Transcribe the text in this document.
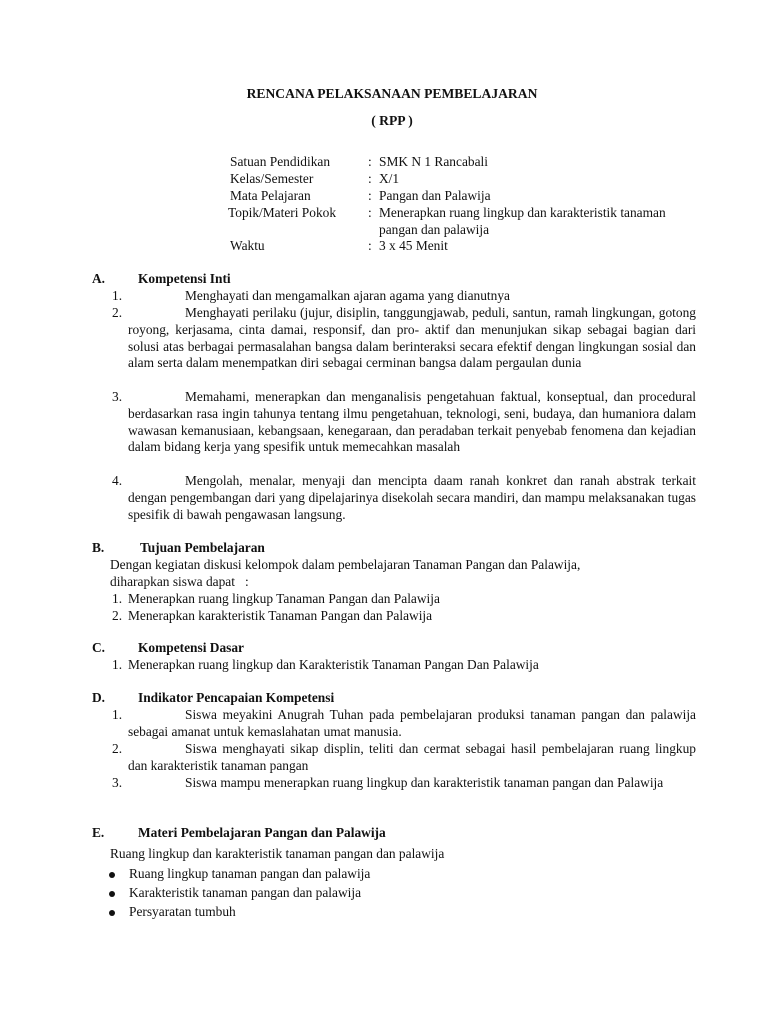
RENCANA PELAKSANAAN PEMBELAJARAN
( RPP )
Satuan Pendidikan	: SMK N 1 Rancabali
Kelas/Semester	: X/1
Mata Pelajaran	: Pangan dan Palawija
Topik/Materi Pokok : Menerapkan ruang lingkup dan karakteristik tanaman pangan dan palawija
Waktu	: 3 x 45 Menit
A. Kompetensi Inti
1.	Menghayati dan mengamalkan ajaran agama yang dianutnya
2.	Menghayati perilaku (jujur, disiplin, tanggungjawab, peduli, santun, ramah lingkungan, gotong royong, kerjasama, cinta damai, responsif, dan pro- aktif dan menunjukan sikap sebagai bagian dari solusi atas berbagai permasalahan bangsa dalam berinteraksi secara efektif dengan lingkungan sosial dan alam serta dalam menempatkan diri sebagai cerminan bangsa dalam pergaulan dunia
3.	Memahami, menerapkan dan menganalisis pengetahuan faktual, konseptual, dan procedural berdasarkan rasa ingin tahunya tentang ilmu pengetahuan, teknologi, seni, budaya, dan humaniora dalam wawasan kemanusiaan, kebangsaan, kenegaraan, dan peradaban terkait penyebab fenomena dan kejadian dalam bidang kerja yang spesifik untuk memecahkan masalah
4.	Mengolah, menalar, menyaji dan mencipta daam ranah konkret dan ranah abstrak terkait dengan pengembangan dari yang dipelajarinya disekolah secara mandiri, dan mampu melaksanakan tugas spesifik di bawah pengawasan langsung.
B.	Tujuan Pembelajaran
Dengan kegiatan diskusi kelompok dalam pembelajaran Tanaman Pangan dan Palawija,
diharapkan siswa dapat   :
1. Menerapkan ruang lingkup Tanaman Pangan dan Palawija
2. Menerapkan karakteristik Tanaman Pangan dan Palawija
C. Kompetensi Dasar
1. Menerapkan ruang lingkup dan Karakteristik Tanaman Pangan Dan Palawija
D. Indikator Pencapaian Kompetensi
1.	Siswa meyakini Anugrah Tuhan pada pembelajaran produksi tanaman pangan dan palawija sebagai amanat untuk kemaslahatan umat manusia.
2.	Siswa menghayati sikap displin, teliti dan cermat sebagai hasil pembelajaran ruang lingkup dan karakteristik tanaman pangan
3.	Siswa mampu menerapkan ruang lingkup dan karakteristik tanaman pangan dan Palawija
E.	Materi Pembelajaran Pangan dan Palawija
Ruang lingkup dan karakteristik tanaman pangan dan palawija
Ruang lingkup tanaman pangan dan palawija
Karakteristik tanaman pangan dan palawija
Persyaratan tumbuh
